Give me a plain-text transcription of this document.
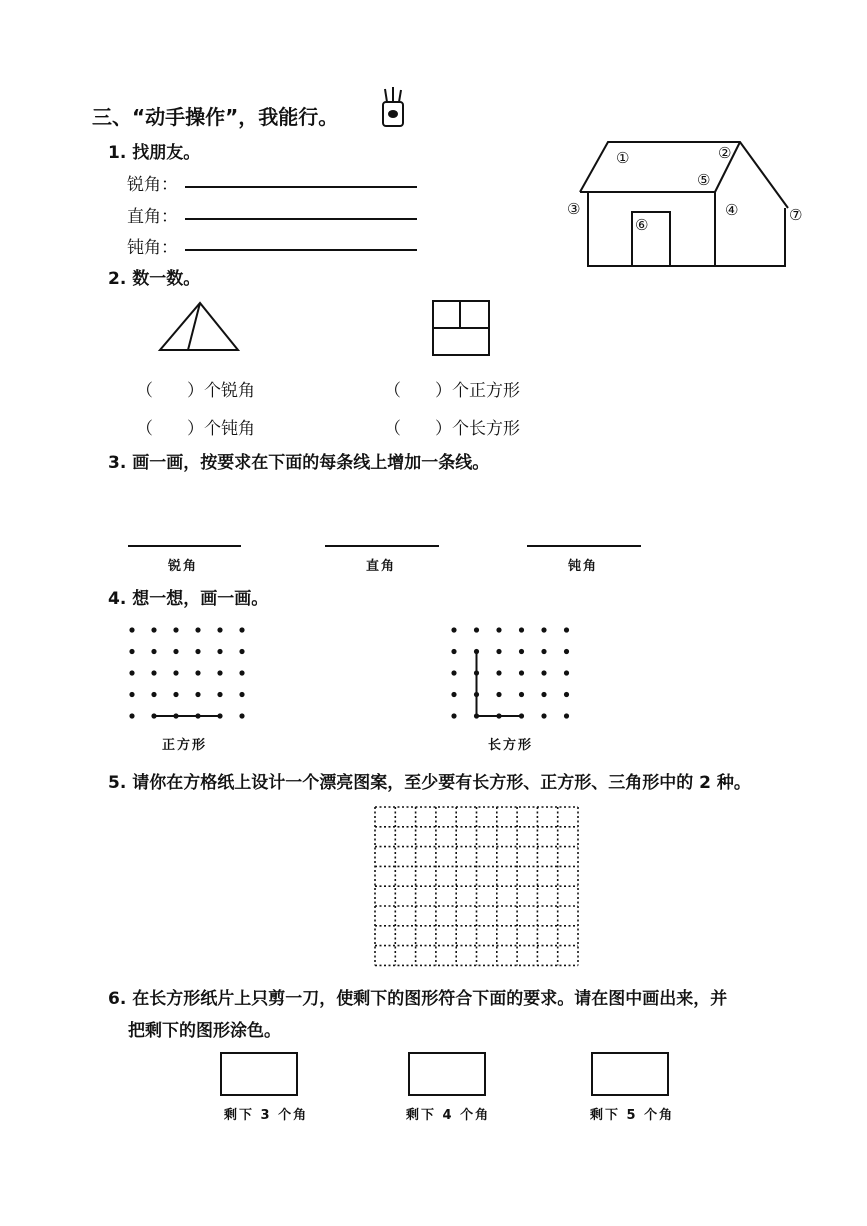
三、“动手操作”，我能行。
1. 找朋友。
锐角：
直角：
钝角：
①	②
③	④
⑤
⑥
⑦
2. 数一数。
（　　）个锐角
（　　）个钝角
（　　）个正方形
（　　）个长方形
3. 画一画，按要求在下面的每条线上增加一条线。
锐角	直角	钝角
4. 想一想，画一画。
正方形	长方形
5. 请你在方格纸上设计一个漂亮图案，至少要有长方形、正方形、三角形中的 2 种。
6. 在长方形纸片上只剪一刀，使剩下的图形符合下面的要求。请在图中画出来，并
把剩下的图形涂色。
剩下 3 个角	剩下 4 个角	剩下 5 个角
